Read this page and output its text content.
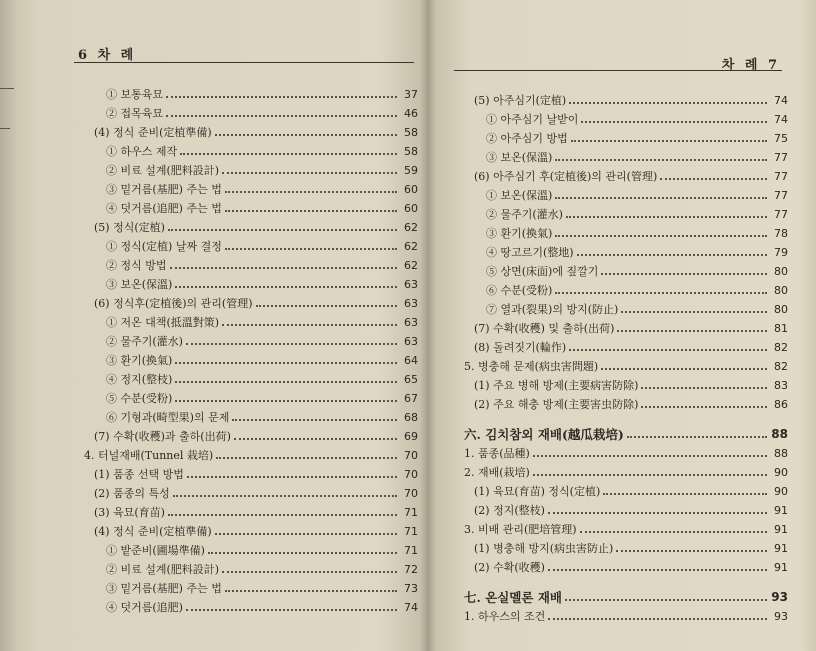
6 차 례
① 보통육묘	37
② 접목육묘	46
(4) 정식 준비(定植準備)	58
① 하우스 제작	58
② 비료 설계(肥料設計)	59
③ 밑거름(基肥) 주는 법	60
④ 덧거름(追肥) 주는 법	60
(5) 정식(定植)	62
① 정식(定植) 날짜 결정	62
② 정식 방법	62
③ 보온(保溫)	63
(6) 정식후(定植後)의 관리(管理)	63
① 저온 대책(抵溫對策)	63
② 물주기(灌水)	63
③ 환기(換氣)	64
④ 정지(整枝)	65
⑤ 수분(受粉)	67
⑥ 기형과(畸型果)의 문제	68
(7) 수확(收穫)과 출하(出荷)	69
4. 터널재배(Tunnel 栽培)	70
(1) 품종 선택 방법	70
(2) 품종의 특성	70
(3) 육묘(育苗)	71
(4) 정식 준비(定植準備)	71
① 밭준비(圃場準備)	71
② 비료 설계(肥料設計)	72
③ 밑거름(基肥) 주는 법	73
④ 덧거름(追肥)	74
차 례 7
(5) 아주심기(定植)	74
① 아주심기 날받이	74
② 아주심기 방법	75
③ 보온(保溫)	77
(6) 아주심기 후(定植後)의 관리(管理)	77
① 보온(保溫)	77
② 물주기(灌水)	77
③ 환기(換氣)	78
④ 땅고르기(整地)	79
⑤ 상면(床面)에 짚깔기	80
⑥ 수분(受粉)	80
⑦ 열과(裂果)의 방지(防止)	80
(7) 수확(收穫) 및 출하(出荷)	81
(8) 돌려짓기(輪作)	82
5. 병충해 문제(病虫害問題)	82
(1) 주요 병해 방제(主要病害防除)	83
(2) 주요 해충 방제(主要害虫防除)	86
六. 김치참외 재배(越瓜栽培)	88
1. 품종(品種)	88
2. 재배(栽培)	90
(1) 육묘(育苗) 정식(定植)	90
(2) 정지(整枝)	91
3. 비배 관리(肥培管理)	91
(1) 병충해 방지(病虫害防止)	91
(2) 수확(收穫)	91
七. 온실멜론 재배	93
1. 하우스의 조건	93
